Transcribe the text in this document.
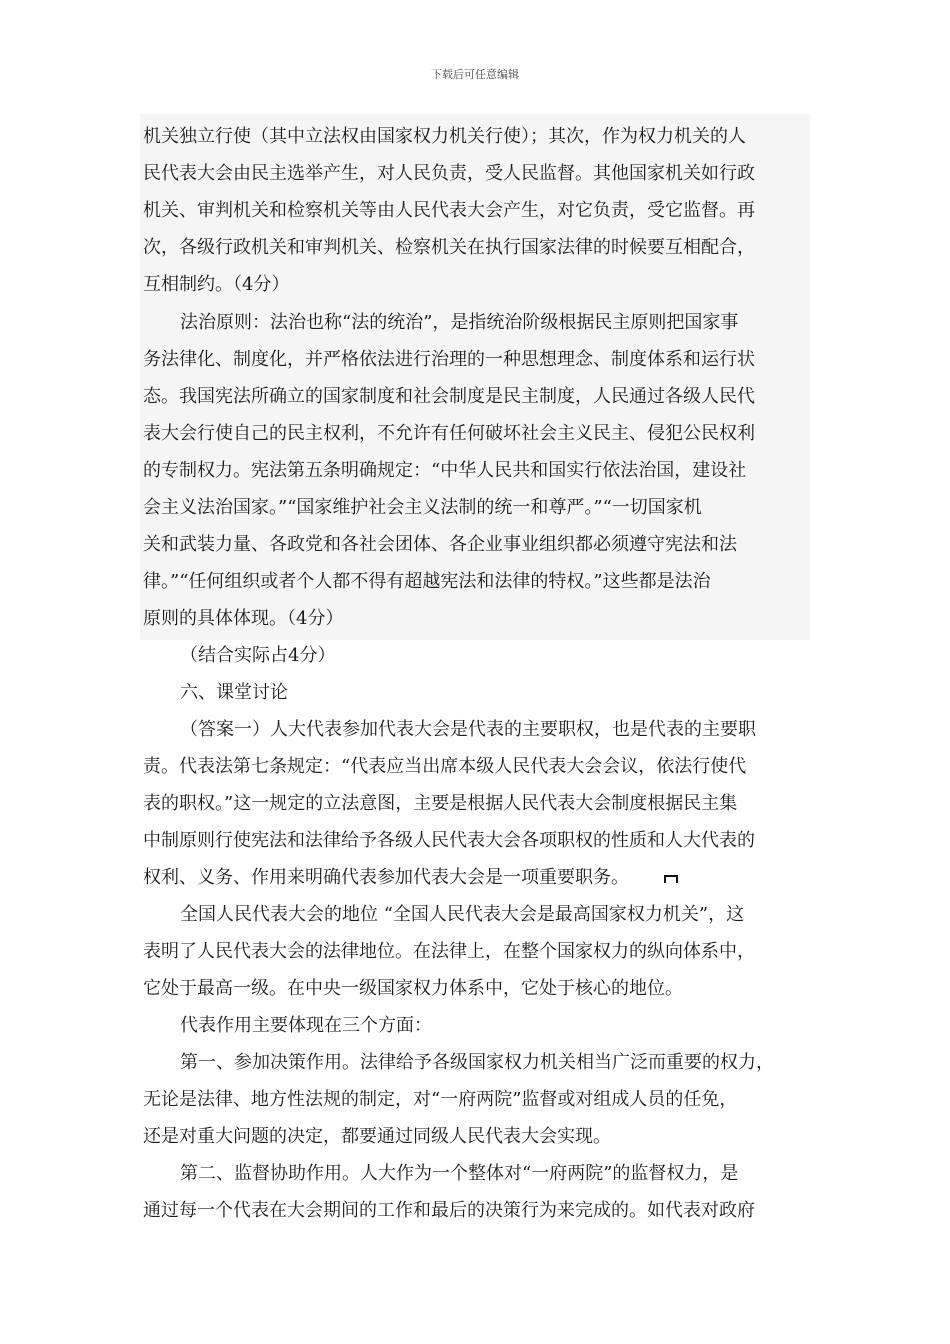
下载后可任意编辑
机关独立行使（其中立法权由国家权力机关行使）；其次，作为权力机关的人
民代表大会由民主选举产生，对人民负责，受人民监督。其他国家机关如行政
机关、审判机关和检察机关等由人民代表大会产生，对它负责，受它监督。再
次，各级行政机关和审判机关、检察机关在执行国家法律的时候要互相配合，
互相制约。（4分）
法治原则：法治也称“法的统治”，是指统治阶级根据民主原则把国家事
务法律化、制度化，并严格依法进行治理的一种思想理念、制度体系和运行状
态。我国宪法所确立的国家制度和社会制度是民主制度，人民通过各级人民代
表大会行使自己的民主权利，不允许有任何破坏社会主义民主、侵犯公民权利
的专制权力。宪法第五条明确规定：“中华人民共和国实行依法治国，建设社
会主义法治国家。”“国家维护社会主义法制的统一和尊严。”“一切国家机
关和武装力量、各政党和各社会团体、各企业事业组织都必须遵守宪法和法
律。”“任何组织或者个人都不得有超越宪法和法律的特权。”这些都是法治
原则的具体体现。（4分）
（结合实际占4分）
六、课堂讨论
（答案一）人大代表参加代表大会是代表的主要职权，也是代表的主要职
责。代表法第七条规定：“代表应当出席本级人民代表大会会议，依法行使代
表的职权。”这一规定的立法意图，主要是根据人民代表大会制度根据民主集
中制原则行使宪法和法律给予各级人民代表大会各项职权的性质和人大代表的
权利、义务、作用来明确代表参加代表大会是一项重要职务。
全国人民代表大会的地位 “全国人民代表大会是最高国家权力机关”，这
表明了人民代表大会的法律地位。在法律上，在整个国家权力的纵向体系中，
它处于最高一级。在中央一级国家权力体系中，它处于核心的地位。
代表作用主要体现在三个方面：
第一、参加决策作用。法律给予各级国家权力机关相当广泛而重要的权力，
无论是法律、地方性法规的制定，对“一府两院”监督或对组成人员的任免，
还是对重大问题的决定，都要通过同级人民代表大会实现。
第二、监督协助作用。人大作为一个整体对“一府两院”的监督权力，是
通过每一个代表在大会期间的工作和最后的决策行为来完成的。如代表对政府
